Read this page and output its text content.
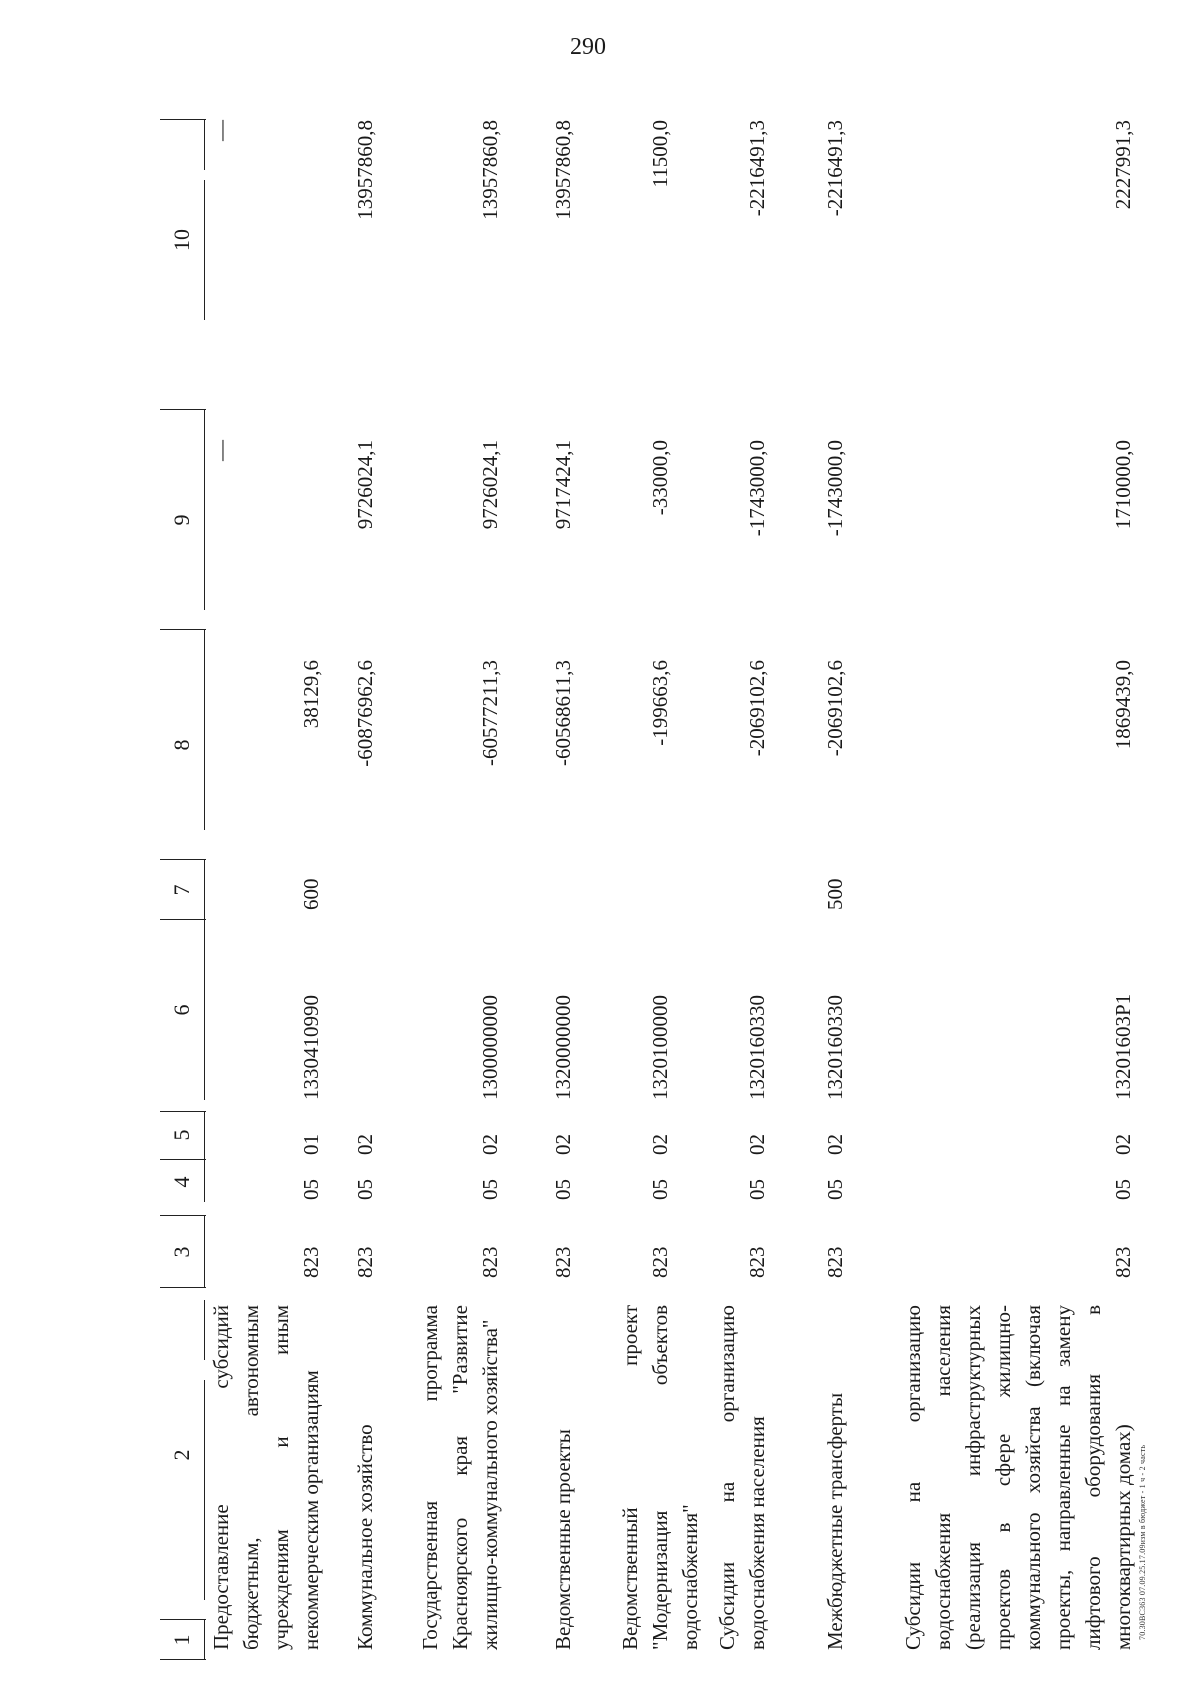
290
70.30ВС363 07.09.25.17.09изм в бюджет - 1 ч - 2 часть
1
2
3
4
5
6
7
8
9
10
Предоставление субсидий бюджетным, автономным учреждениям и иным некоммерческим организациям
823
05
01
1330410990
600
38129,6
—
—
Коммунальное хозяйство
823
05
02
-60876962,6
9726024,1
13957860,8
Государственная программа Красноярского края "Развитие жилищно-коммунального хозяйства"
823
05
02
1300000000
-60577211,3
9726024,1
13957860,8
Ведомственные проекты
823
05
02
1320000000
-60568611,3
9717424,1
13957860,8
Ведомственный проект "Модернизация объектов водоснабжения"
823
05
02
1320100000
-199663,6
-33000,0
11500,0
Субсидии на организацию водоснабжения населения
823
05
02
1320160330
-2069102,6
-1743000,0
-2216491,3
Межбюджетные трансферты
823
05
02
1320160330
500
-2069102,6
-1743000,0
-2216491,3
Субсидии на организацию водоснабжения населения (реализация инфраструктурных проектов в сфере жилищно-коммунального хозяйства (включая проекты, направленные на замену лифтового оборудования в многоквартирных домах)
823
05
02
13201603Р1
1869439,0
1710000,0
2227991,3
